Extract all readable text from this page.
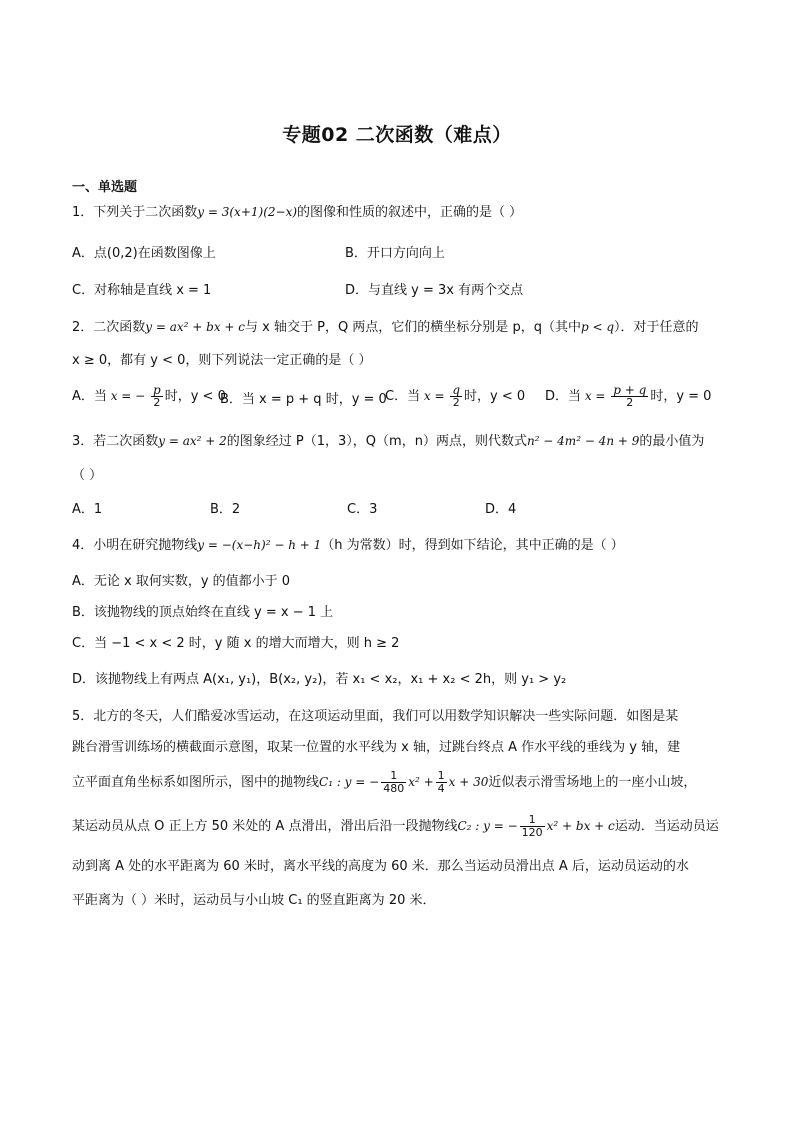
专题02 二次函数（难点）
一、单选题
1．下列关于二次函数y = 3(x+1)(2−x)的图像和性质的叙述中，正确的是（ ）
A．点(0,2)在函数图像上	B．开口方向向上
C．对称轴是直线 x = 1	D．与直线 y = 3x 有两个交点
2．二次函数y = ax² + bx + c与 x 轴交于 P，Q 两点，它们的横坐标分别是 p，q（其中p < q）．对于任意的
x ≥ 0，都有 y < 0，则下列说法一定正确的是（ ）
A．当 x = − $\frac{p}{2}$ 时，y < 0
B．当 x = p + q 时，y = 0
C．当 $x = \frac{q}{2}$ 时，y < 0 D．当 $x = \frac{p + q}{2}$ 时，y = 0
3．若二次函数y = ax² + 2的图象经过 P（1，3），Q（m，n）两点，则代数式n² − 4m² − 4n + 9的最小值为
（ ）
A．1	B．2	C．3	D．4
4．小明在研究抛物线y = −(x−h)² − h + 1（h 为常数）时，得到如下结论，其中正确的是（ ）
A．无论 x 取何实数，y 的值都小于 0
B．该抛物线的顶点始终在直线 y = x − 1 上
C．当 −1 < x < 2 时，y 随 x 的增大而增大，则 h ≥ 2
D．该抛物线上有两点 A(x₁, y₁)，B(x₂, y₂)，若 x₁ < x₂，x₁ + x₂ < 2h，则 y₁ > y₂
5．北方的冬天，人们酷爱冰雪运动，在这项运动里面，我们可以用数学知识解决一些实际问题．如图是某
跳台滑雪训练场的横截面示意图，取某一位置的水平线为 x 轴，过跳台终点 A 作水平线的垂线为 y 轴，建
立平面直角坐标系如图所示，图中的抛物线C₁ : y = − $\frac{1}{480} x^2 + \frac{1}{4}$ x + 30近似表示滑雪场地上的一座小山坡，
某运动员从点 O 正上方 50 米处的 A 点滑出，滑出后沿一段抛物线C₂ : y = − $\frac{1}{120} x^2$ + bx + c运动．当运动员运
动到离 A 处的水平距离为 60 米时，离水平线的高度为 60 米．那么当运动员滑出点 A 后，运动员运动的水
平距离为（ ）米时，运动员与小山坡 C₁ 的竖直距离为 20 米．
